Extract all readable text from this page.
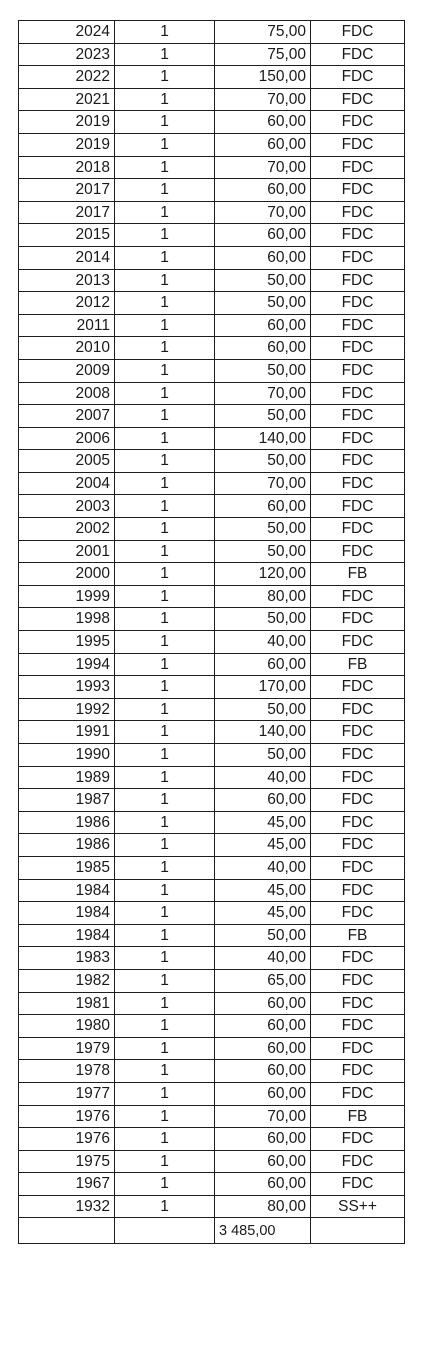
2024	1	75,00	FDC
2023	1	75,00	FDC
2022	1	150,00	FDC
2021	1	70,00	FDC
2019	1	60,00	FDC
2019	1	60,00	FDC
2018	1	70,00	FDC
2017	1	60,00	FDC
2017	1	70,00	FDC
2015	1	60,00	FDC
2014	1	60,00	FDC
2013	1	50,00	FDC
2012	1	50,00	FDC
2011	1	60,00	FDC
2010	1	60,00	FDC
2009	1	50,00	FDC
2008	1	70,00	FDC
2007	1	50,00	FDC
2006	1	140,00	FDC
2005	1	50,00	FDC
2004	1	70,00	FDC
2003	1	60,00	FDC
2002	1	50,00	FDC
2001	1	50,00	FDC
2000	1	120,00	FB
1999	1	80,00	FDC
1998	1	50,00	FDC
1995	1	40,00	FDC
1994	1	60,00	FB
1993	1	170,00	FDC
1992	1	50,00	FDC
1991	1	140,00	FDC
1990	1	50,00	FDC
1989	1	40,00	FDC
1987	1	60,00	FDC
1986	1	45,00	FDC
1986	1	45,00	FDC
1985	1	40,00	FDC
1984	1	45,00	FDC
1984	1	45,00	FDC
1984	1	50,00	FB
1983	1	40,00	FDC
1982	1	65,00	FDC
1981	1	60,00	FDC
1980	1	60,00	FDC
1979	1	60,00	FDC
1978	1	60,00	FDC
1977	1	60,00	FDC
1976	1	70,00	FB
1976	1	60,00	FDC
1975	1	60,00	FDC
1967	1	60,00	FDC
1932	1	80,00	SS++
		3 485,00	
